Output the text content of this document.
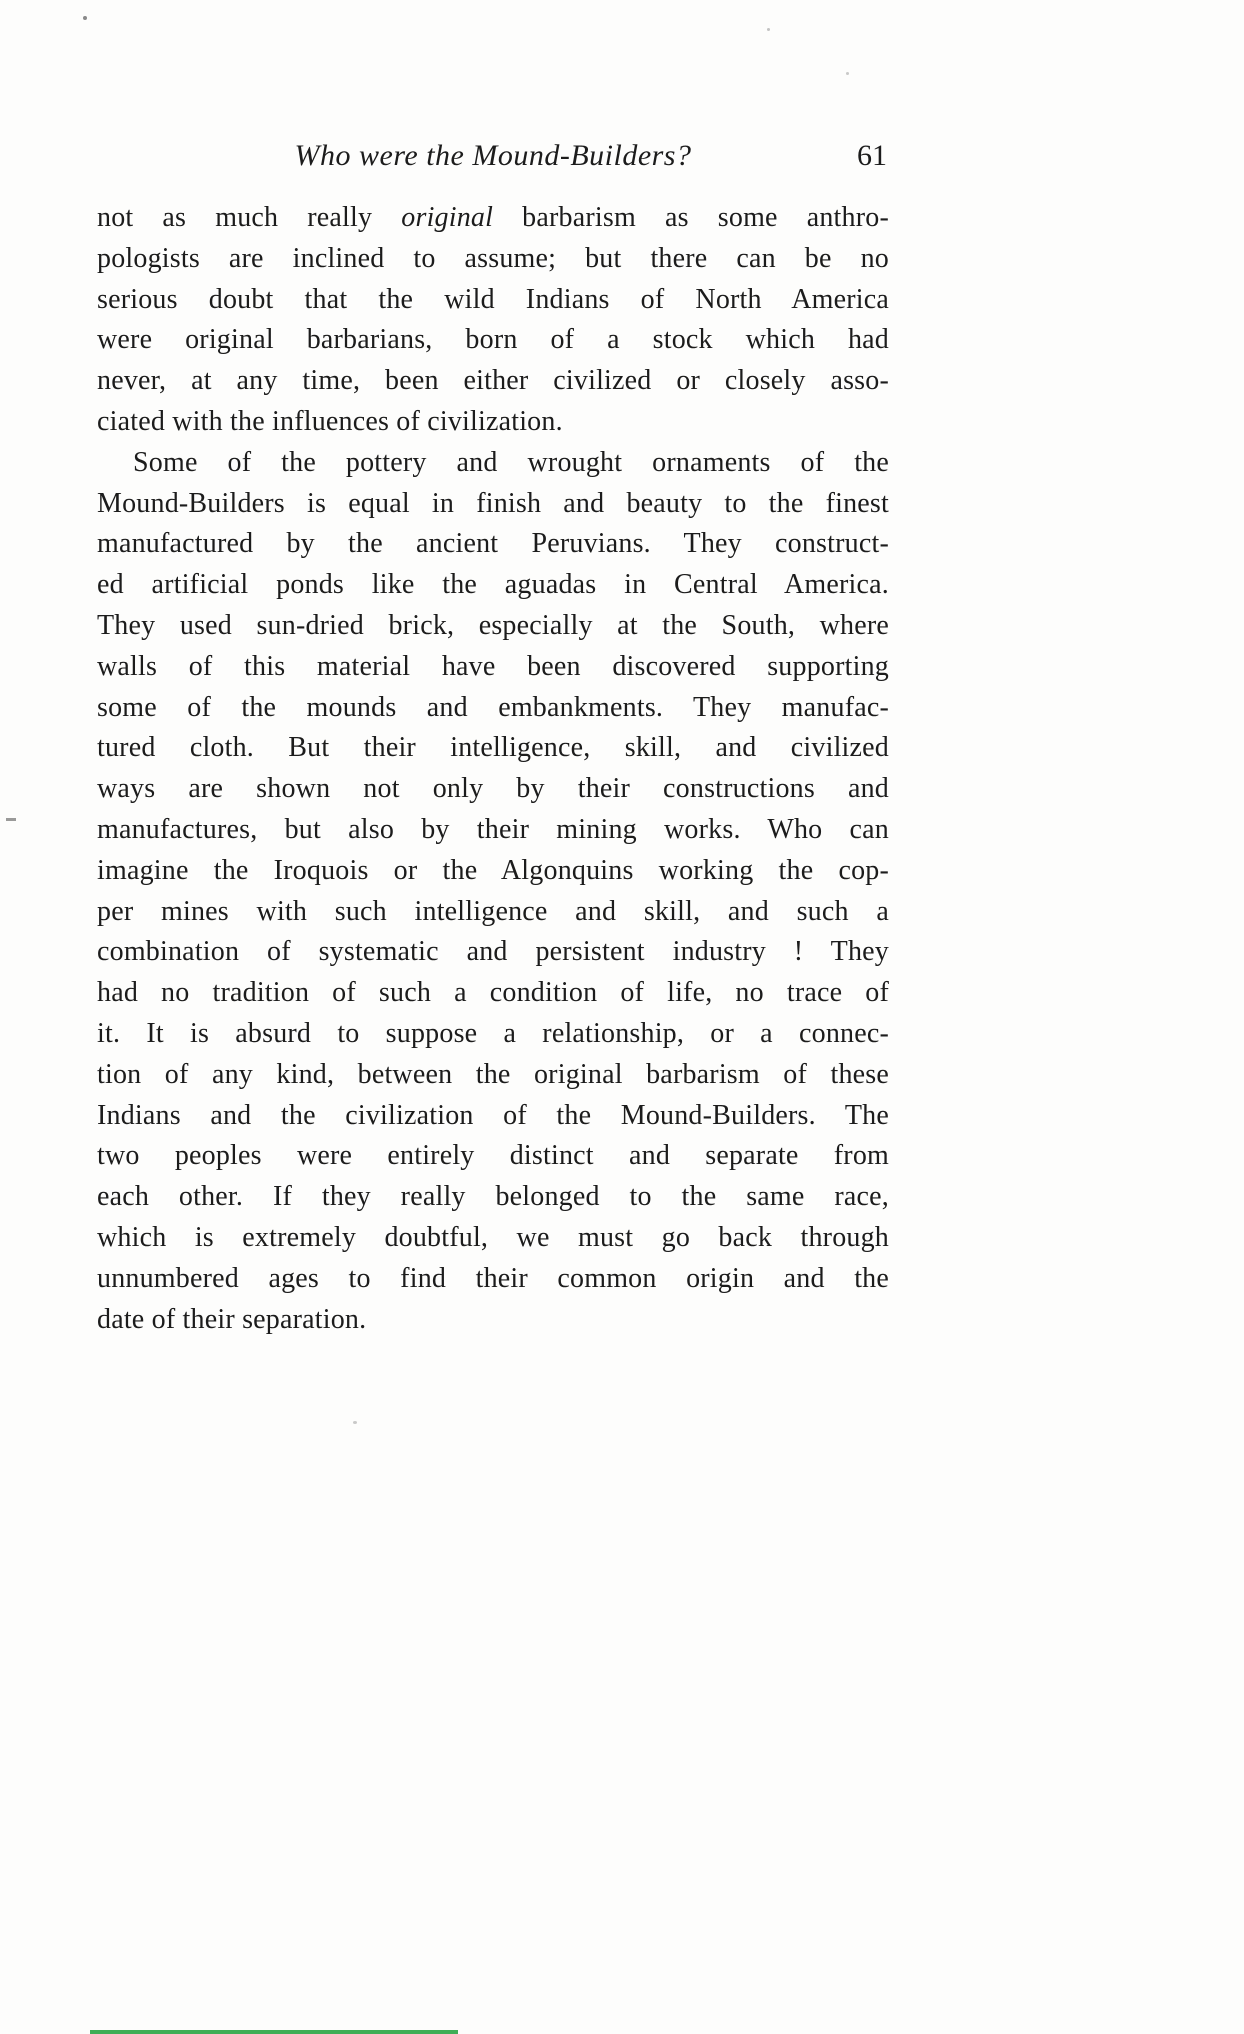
Who were the Mound-Builders?	61
not as much really original barbarism as some anthro-
pologists are inclined to assume; but there can be no
serious doubt that the wild Indians of North America
were original barbarians, born of a stock which had
never, at any time, been either civilized or closely asso-
ciated with the influences of civilization.
Some of the pottery and wrought ornaments of the
Mound-Builders is equal in finish and beauty to the finest
manufactured by the ancient Peruvians. They construct-
ed artificial ponds like the aguadas in Central America.
They used sun-dried brick, especially at the South, where
walls of this material have been discovered supporting
some of the mounds and embankments. They manufac-
tured cloth. But their intelligence, skill, and civilized
ways are shown not only by their constructions and
manufactures, but also by their mining works. Who can
imagine the Iroquois or the Algonquins working the cop-
per mines with such intelligence and skill, and such a
combination of systematic and persistent industry ! They
had no tradition of such a condition of life, no trace of
it. It is absurd to suppose a relationship, or a connec-
tion of any kind, between the original barbarism of these
Indians and the civilization of the Mound-Builders. The
two peoples were entirely distinct and separate from
each other. If they really belonged to the same race,
which is extremely doubtful, we must go back through
unnumbered ages to find their common origin and the
date of their separation.
